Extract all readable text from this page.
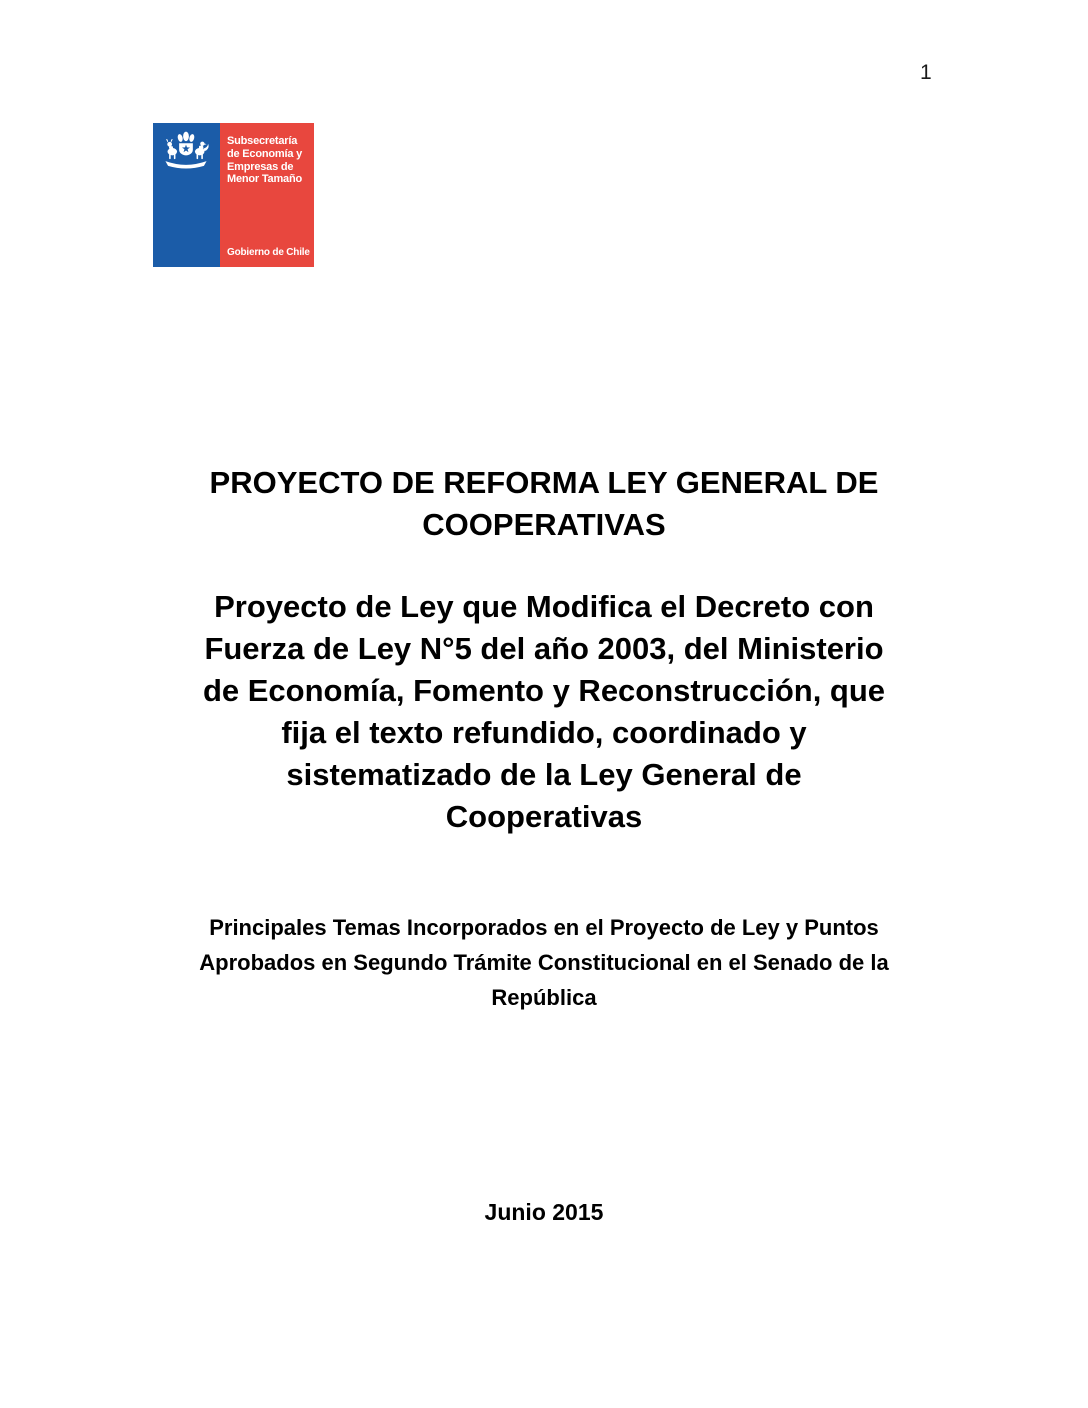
1
Subsecretaría
de Economía y
Empresas de
Menor Tamaño
Gobierno de Chile
PROYECTO DE REFORMA LEY GENERAL DE
COOPERATIVAS
Proyecto de Ley que Modifica el Decreto con
Fuerza de Ley N°5 del año 2003, del Ministerio
de Economía, Fomento y Reconstrucción, que
fija el texto refundido, coordinado y
sistematizado de la Ley General de
Cooperativas
Principales Temas Incorporados en el Proyecto de Ley y Puntos
Aprobados en Segundo Trámite Constitucional en el Senado de la
República
Junio 2015
